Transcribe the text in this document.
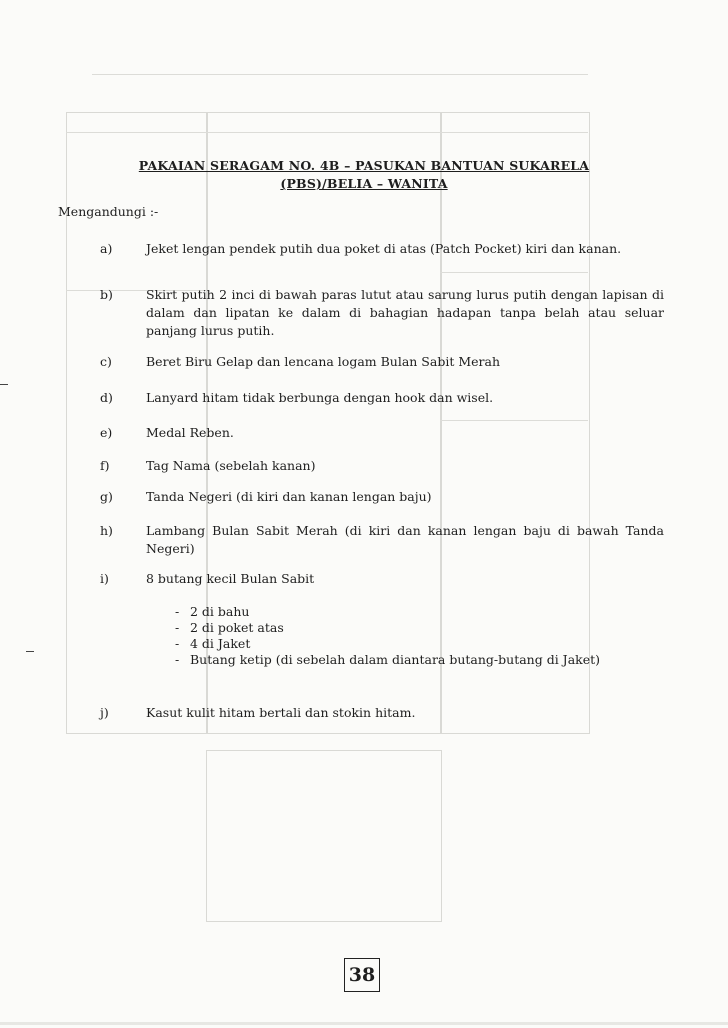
PAKAIAN SERAGAM NO. 4B – PASUKAN BANTUAN SUKARELA
(PBS)/BELIA – WANITA
Mengandungi :-
a)	Jeket lengan pendek putih dua poket di atas (Patch Pocket) kiri dan kanan.
b)	Skirt putih 2 inci di bawah paras lutut atau sarung lurus putih dengan lapisan di dalam dan lipatan ke dalam di bahagian hadapan tanpa belah atau seluar panjang lurus putih.
c)	Beret Biru Gelap dan lencana logam Bulan Sabit Merah
d)	Lanyard hitam tidak berbunga dengan hook dan wisel.
e)	Medal Reben.
f)	Tag Nama (sebelah kanan)
g)	Tanda Negeri (di kiri dan kanan lengan baju)
h)	Lambang Bulan Sabit Merah (di kiri dan kanan lengan baju di bawah Tanda Negeri)
i)	8 butang kecil Bulan Sabit
- 2 di bahu
- 2 di poket atas
- 4 di Jaket
- Butang ketip (di sebelah dalam diantara butang-butang di Jaket)
j)	Kasut kulit hitam bertali dan stokin hitam.
38
